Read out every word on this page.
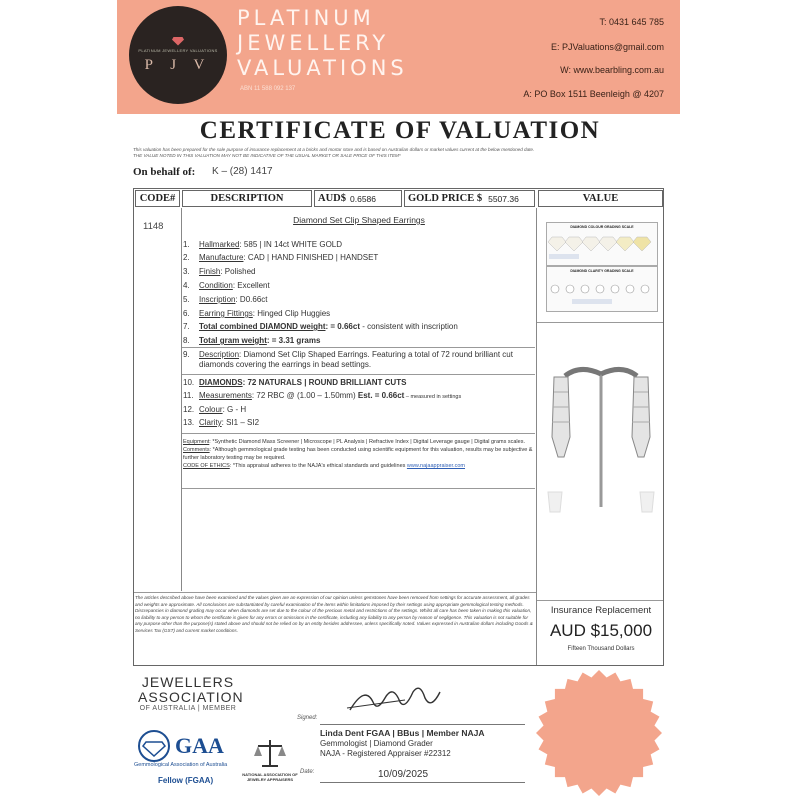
PLATINUM JEWELLERY VALUATIONS
P J V
PLATINUM
JEWELLERY
VALUATIONS
ABN 11 588 092 137
T: 0431 645 785
E: PJValuations@gmail.com
W: www.bearbling.com.au
A: PO Box 1511 Beenleigh @ 4207
CERTIFICATE OF VALUATION
This valuation has been prepared for the sale purpose of insurance replacement at a bricks and mortar store and is based on Australian dollars or market values current at the below mentioned date.
THE VALUE NOTED IN THIS VALUATION MAY NOT BE INDICATIVE OF THE USUAL MARKET OR SALE PRICE OF THIS ITEM*
On behalf of: K – (28) 1417
CODE#	DESCRIPTION	AUD$ 0.6586	GOLD PRICE $ 5507.36	VALUE
1148
Diamond Set Clip Shaped Earrings
1. Hallmarked: 585 | IN 14ct WHITE GOLD
2. Manufacture: CAD | HAND FINISHED | HANDSET
3. Finish: Polished
4. Condition: Excellent
5. Inscription: D0.66ct
6. Earring Fittings: Hinged Clip Huggies
7. Total combined DIAMOND weight: = 0.66ct - consistent with inscription
8. Total gram weight: = 3.31 grams
9. Description: Diamond Set Clip Shaped Earrings. Featuring a total of 72 round brilliant cut diamonds covering the earrings in bead settings.
10. DIAMONDS: 72 NATURALS | ROUND BRILLIANT CUTS
11. Measurements: 72 RBC @ (1.00 – 1.50mm) Est. = 0.66ct – measured in settings
12. Colour: G - H
13. Clarity: SI1 – SI2
Equipment: *Synthetic Diamond Mass Screener | Microscope | PL Analysis | Refractive Index | Digital Leverage gauge | Digital grams scales.
Comments: *Although gemmological grade testing has been conducted using scientific equipment for this valuation, results may be subjective & further laboratory testing may be required.
CODE OF ETHICS: *This appraisal adheres to the NAJA's ethical standards and guidelines www.najaappraiser.com
DIAMOND COLOUR GRADING SCALE
DIAMOND CLARITY GRADING SCALE
The articles described above have been examined and the values given are an expression of our opinion unless gemstones have been removed from settings for accurate assessment, all grades and weights are approximate. All conclusions are substantiated by careful examination of the items within limitations imposed by their settings using appropriate gemmological testing methods. Discrepancies in diamond grading may occur when diamonds are set due to the colour of the precious metal and restrictions of the settings. Whilst all care has been taken in making this valuation, no liability to any person to whom the certificate is given for any errors or omissions in the certificate, including any liability to any person by reason of negligence. This valuation is not suitable for any purpose other than the purpose(s) stated above and should not be relied on by an entity besides addressee, unless specifically noted. Values expressed in Australian dollars including Goods & Services Tax (GST) and current market conditions.
Insurance Replacement
AUD $15,000
Fifteen Thousand Dollars
JEWELLERS
ASSOCIATION
OF AUSTRALIA | MEMBER
GAA
Gemmological Association of Australia
Fellow (FGAA)
NATIONAL ASSOCIATION OF JEWELRY APPRAISERS
Signed:
Linda Dent FGAA | BBus | Member NAJA
Gemmologist | Diamond Grader
NAJA - Registered Appraiser #22312
Date:	10/09/2025
